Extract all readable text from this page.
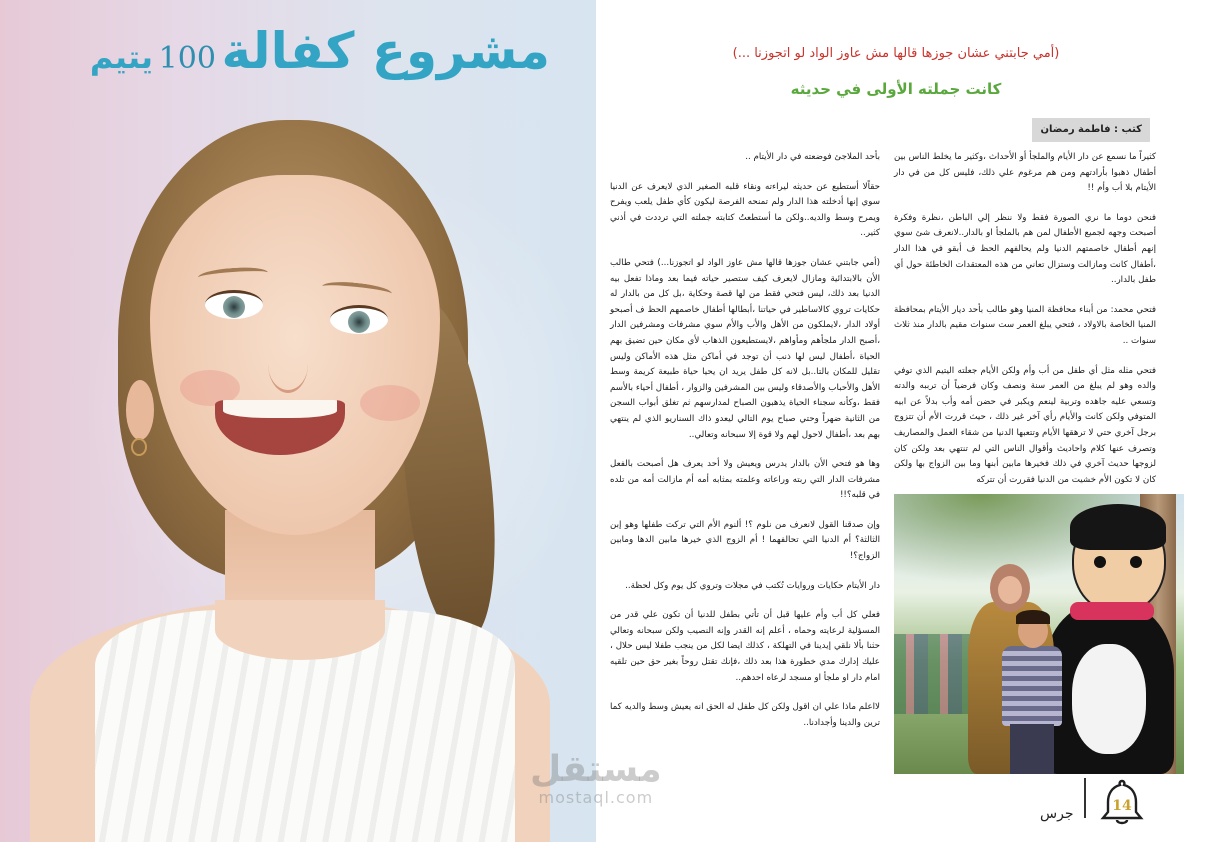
مشروع كفالة 100 يتيم
مستقل
mostaql.com
(أمي جابتني عشان جوزها قالها مش عاوز الواد لو اتجوزنا ...)
كانت جملته الأولى في حديثه
كتب : فاطمة رمضان

كثيراً ما نسمع عن دار الأيام والملجأ أو الأحداث ،وكثير ما يخلط الناس بين أطفال ذهبوا بأرادتهم ومن هم مرغوم علي ذلك، فليس كل من في دار الأيتام بلا أب وأم !!

فنحن دوما ما نري الصورة فقط ولا ننظر إلي الباطن ،نظرة وفكرة أصبحت وجهه لجميع الأطفال لمن هم بالملجأ او بالدار..لانعرف شئ سوي إنهم أطفال خاصمتهم الدنيا ولم يحالفهم الحظ ف أبقو في هذا الدار ،أطفال كانت ومازالت وستزال تعاني من هذه المعتقدات الخاطئة حول أي طفل بالدار..

فتحي محمد: من أبناء محافظة المنيا وهو طالب بأحد ديار الأيتام بمحافظة المنيا الخاصة بالاولاد ، فتحي يبلغ العمر ست سنوات مقيم بالدار منذ ثلاث سنوات ..

فتحي مثله مثل أي طفل من أب وأم ولكن الأيام جعلته اليتيم الذي توفي والده وهو لم يبلغ من العمر سنة ونصف وكان فرضياً أن ترببه والدته وتسعي عليه جاهده وتربية لينعم ويكبر في حضن أمه وأب بدلاً عن ابيه المتوفي ولكن كانت والأيام رأي آخر غير ذلك ، حيث قررت الأم أن تتزوج برجل آخري حتي لا ترهقها الأيام وتتعبها الدنيا من شقاء العمل والمصاريف وتصرف عنها كلام واحاديث وأقوال الناس التي لم تنتهي بعد ولكن كان لزوجها حديث آخري في ذلك فخيرها مابين أبنها وما بين الزواج بها ولكن كان لا تكون الأم خشيت من الدنيا فقررت أن تتركه

بأحد الملاجئ فوضعته في دار الأيتام ..

حقاًلا أستطيع عن حديثه ليراءته ونقاء قلبه الصغير الذي لايعرف عن الدنيا سوي إنها أدخلته هذا الدار ولم تمنحه الفرصة ليكون كأي طفل يلعب ويفرح ويمرح وسط والديه..ولكن ما أستطعتُ كتابته جملته التي ترددت في أذني كثير..

(أمي جابتني عشان جوزها قالها مش عاوز الواد لو اتجوزنا...) فتحي طالب الأن بالابتدائية ومازال لايعرف كيف ستصير حياته فيما بعد وماذا تفعل بيه الدنيا بعد ذلك، ليس فتحي فقط من لها قصة وحكاية ،بل كل من بالدار له حكايات تروي كالاساطير في حياتنا ،أبطالها أطفال خاصمهم الحظ ف أصبحو أولاد الدار ،لايملكون من الأهل والأب والأم سوي مشرفات ومشرفين الدار ،أصبح الدار ملجأهم ومأواهم ،لايستطيعون الذهاب لأي مكان حين تضيق بهم الحياة ،أطفال ليس لها ذنب أن توجد في أماكن مثل هذه الأماكن وليس تقليل للمكان بالتا..بل لانه كل طفل يريد ان يحيا حياة طبيعة كريمة وسط الأهل والأحباب والأصدقاء وليس بين المشرفين والزوار ، أطفال أحياء بالأسم فقط ،وكأنه سجناء الحياة يذهبون الصباح لمدارسهم ثم تغلق أبواب السجن من الثانية ضهراً وحتي صباح يوم التالي ليعدو ذاك السناريو الذي لم ينتهي بهم بعد ،أطفال لاحول لهم ولا قوة إلا سبحانه وتعالي..

وها هو فتحي الأن بالدار يدرس ويعيش ولا أحد يعرف هل أصبحت بالفعل مشرفات الدار التي ربته وراعاته وعلمته بمثابه أمه أم مازالت أمه من تلده في قلبه؟!!

وإن صدقنا القول لانعرف من نلوم ؟! ألنوم الأم التي تركت طفلها وهو إبن الثالثة؟ أم الدنيا التي تحالفهما ! أم الزوج الذي خيرها مابين الدها ومابين الزواج؟!

دار الأيتام حكايات وروايات تُكتب في مجلات وتروي كل يوم وكل لحظة..

فعلي كل أب وأم عليها قبل أن تأتي بطفل للدنيا أن تكون علي قدر من المسؤلية لرعايته وحماه ، أعلم إنه القدر وإنه النصيب ولكن سبحانه وتعالي حثنا بألا نلقي إيدينا في التهلكة ، كذلك ايضا لكل من ينجب طفلا ليس حلال ، عليك إدارك مدي خطورة هذا بعد ذلك ،فإنك تقتل روحاً بغير حق حين تلقيه امام دار او ملجأ او مسجد لرعاه احدهم..

لااعلم ماذا علي ان اقول ولكن كل طفل له الحق انه يعيش وسط والديه كما ترين والدينا وأجدادنا..

جرس	14
